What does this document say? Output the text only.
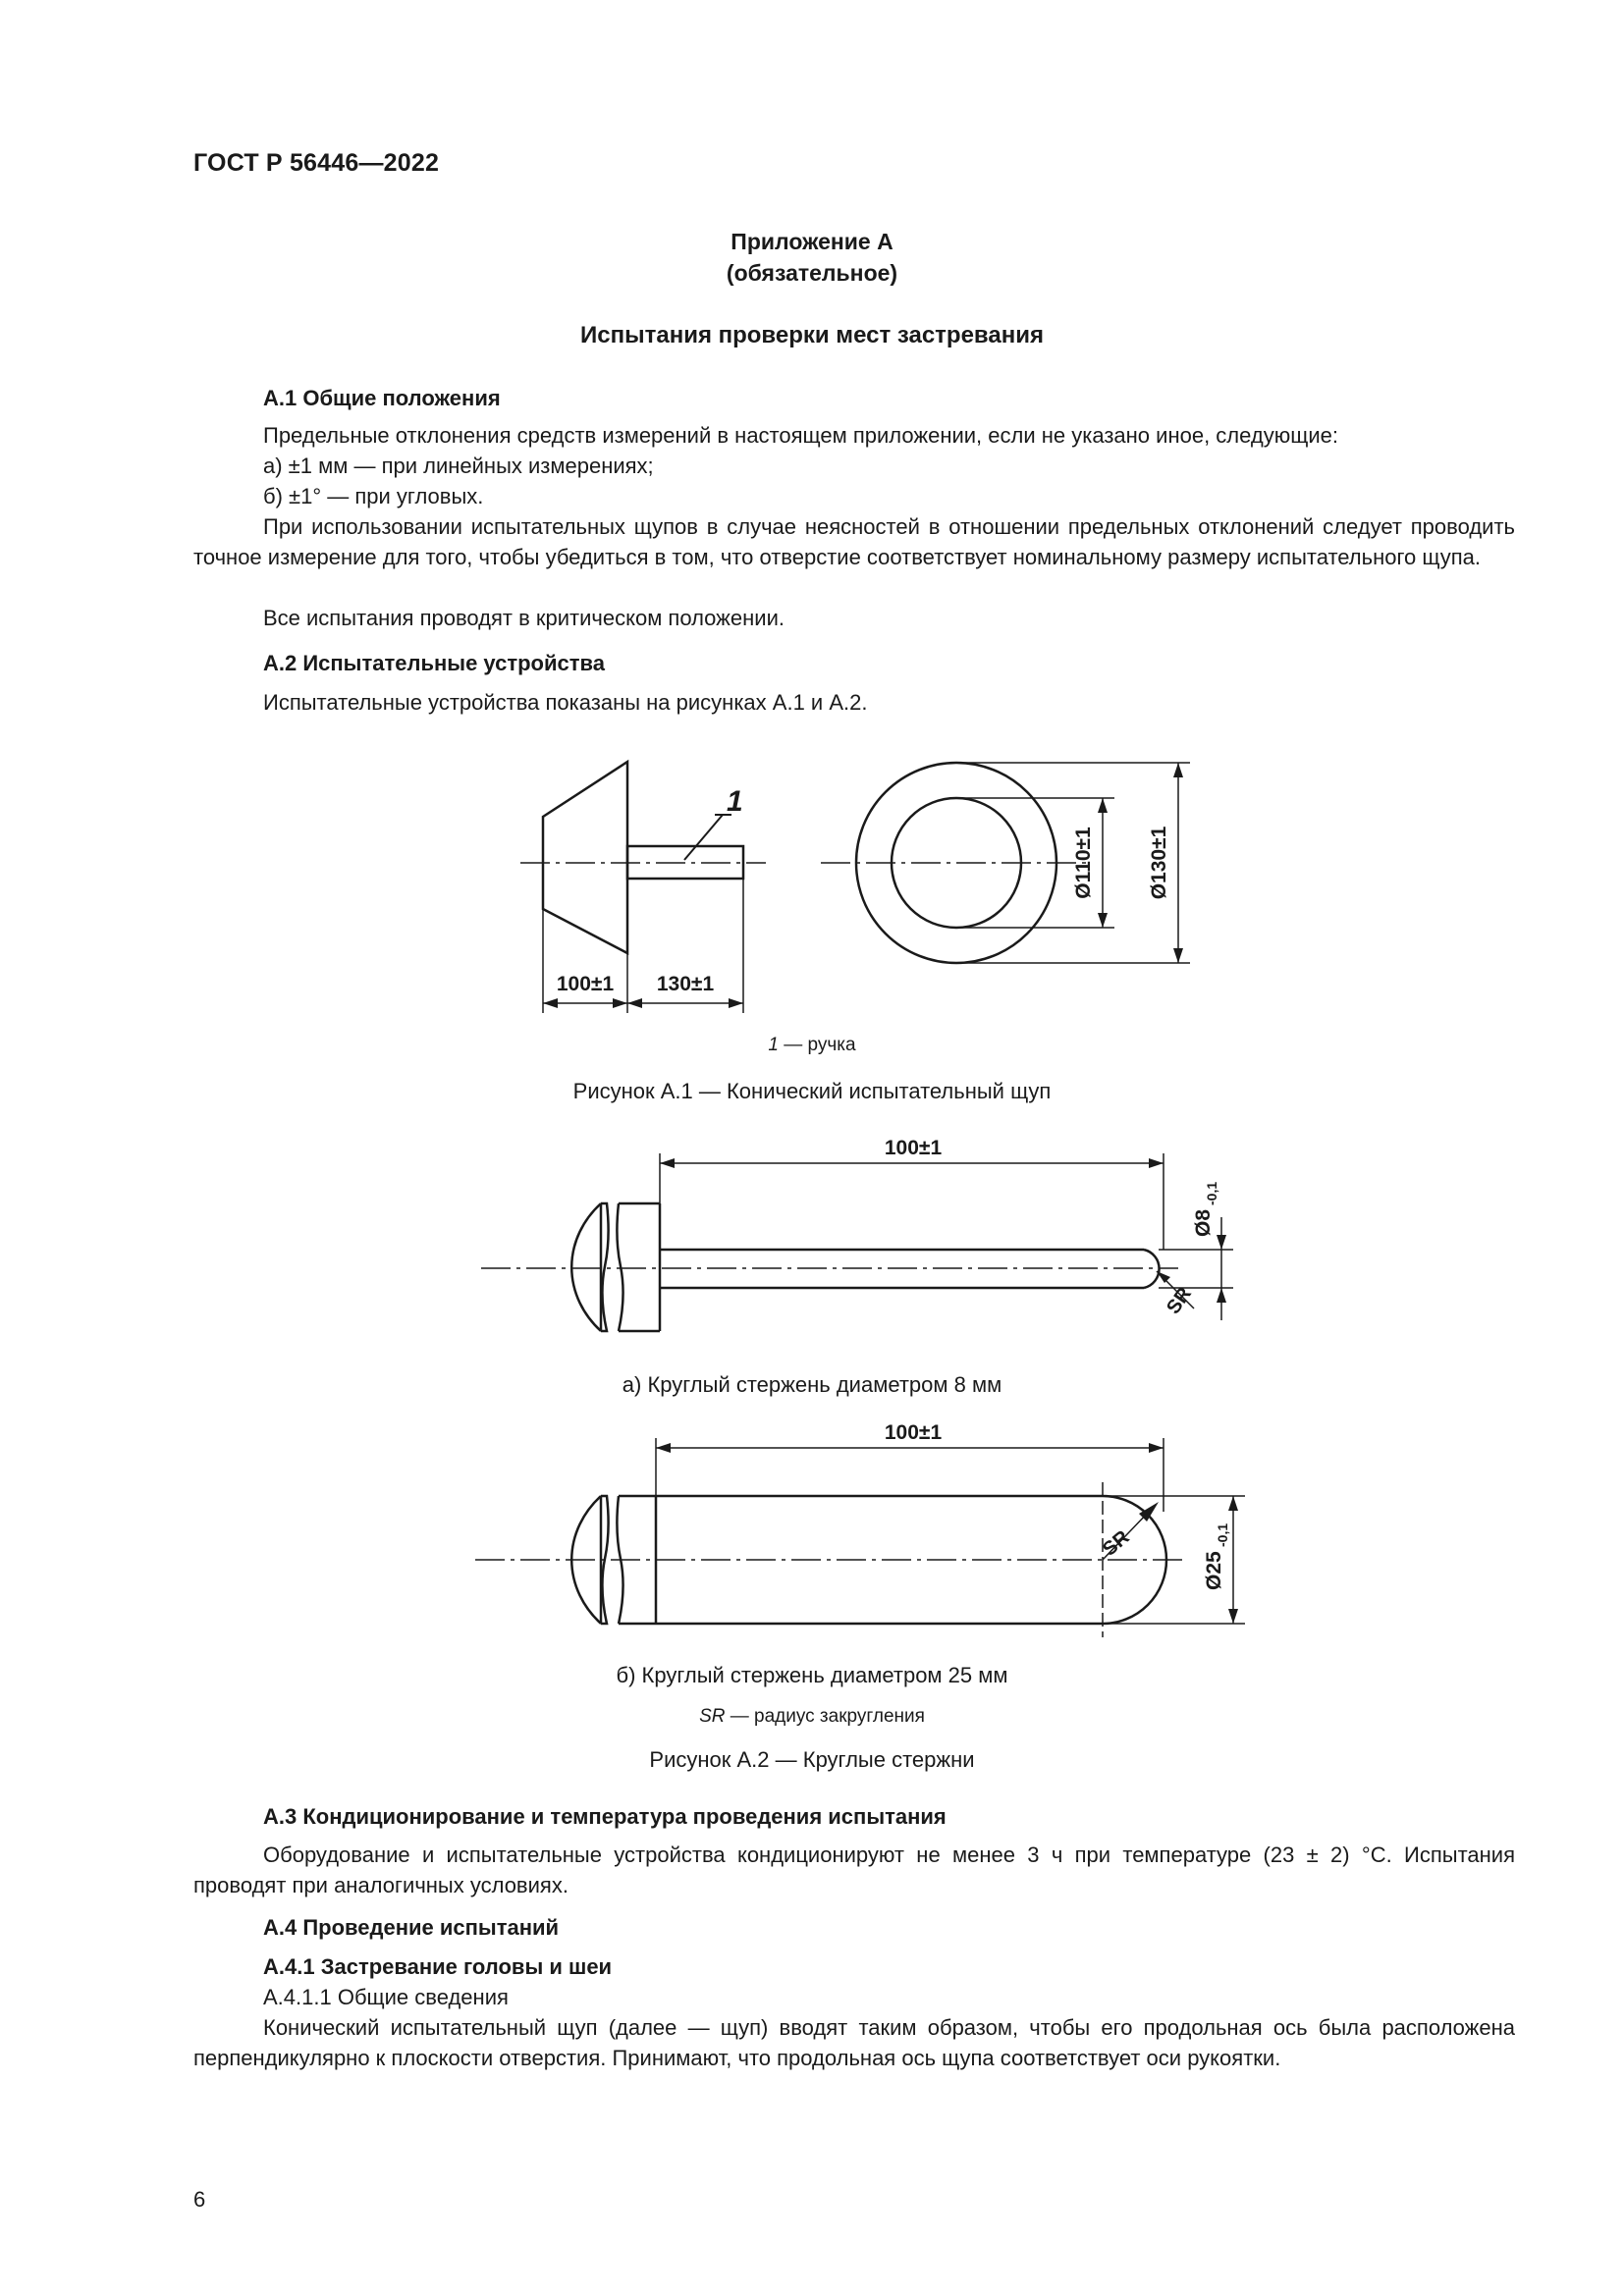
ГОСТ Р 56446—2022
Приложение А
(обязательное)
Испытания проверки мест застревания
А.1 Общие положения
Предельные отклонения средств измерений в настоящем приложении, если не указано иное, следующие:
а) ±1 мм — при линейных измерениях;
б) ±1° — при угловых.
При использовании испытательных щупов в случае неясностей в отношении предельных отклонений следует проводить точное измерение для того, чтобы убедиться в том, что отверстие соответствует номинальному размеру испытательного щупа.
Все испытания проводят в критическом положении.
А.2 Испытательные устройства
Испытательные устройства показаны на рисунках А.1 и А.2.
1
100±1 130±1
Ø110±1	Ø130±1
100±1
Ø8
-0,1
SR
100±1
Ø25
-0,1
SR
1 — ручка
Рисунок А.1 — Конический испытательный щуп
а) Круглый стержень диаметром 8 мм
б) Круглый стержень диаметром 25 мм
SR — радиус закругления
Рисунок А.2 — Круглые стержни
А.3 Кондиционирование и температура проведения испытания
Оборудование и испытательные устройства кондиционируют не менее 3 ч при температуре (23 ± 2) °C. Испытания проводят при аналогичных условиях.
А.4 Проведение испытаний
А.4.1 Застревание головы и шеи
А.4.1.1 Общие сведения
Конический испытательный щуп (далее — щуп) вводят таким образом, чтобы его продольная ось была расположена перпендикулярно к плоскости отверстия. Принимают, что продольная ось щупа соответствует оси рукоятки.
6
